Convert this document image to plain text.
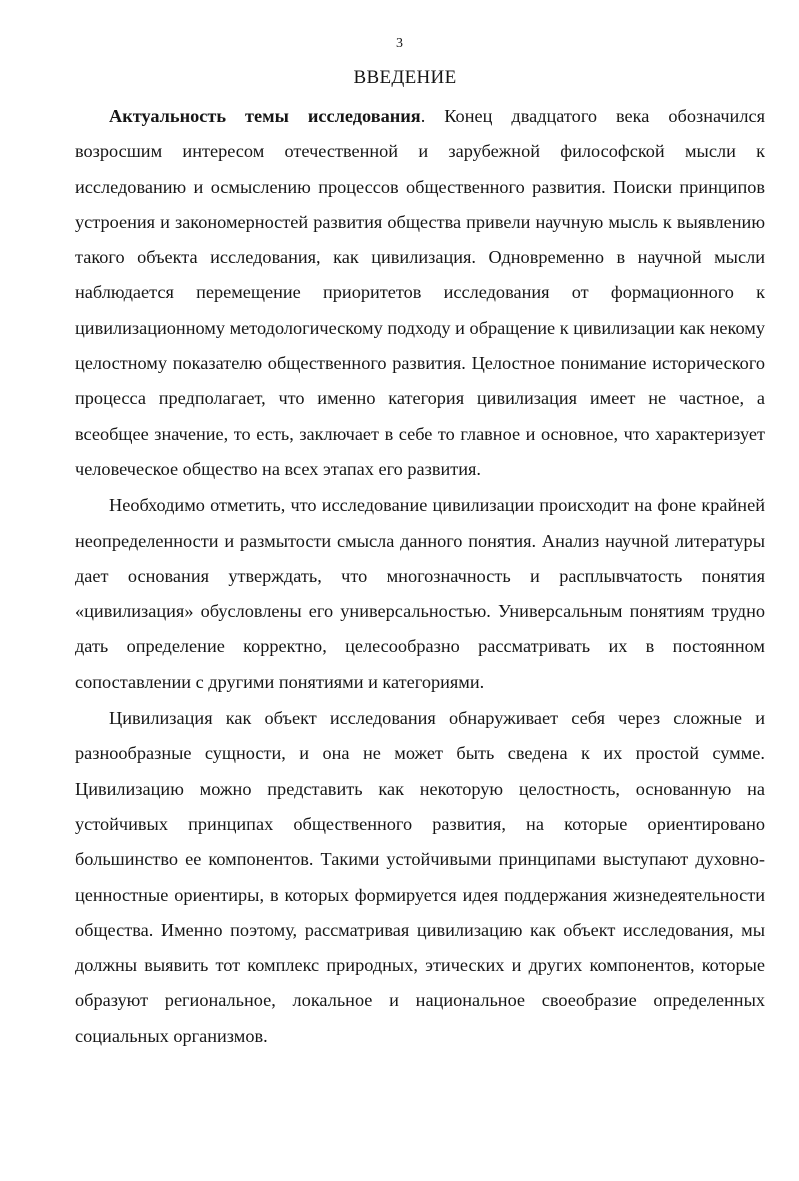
3
ВВЕДЕНИЕ

Актуальность темы исследования. Конец двадцатого века обозначился возросшим интересом отечественной и зарубежной философской мысли к исследованию и осмыслению процессов общественного развития. Поиски принципов устроения и закономерностей развития общества привели научную мысль к выявлению такого объекта исследования, как цивилизация. Одновременно в научной мысли наблюдается перемещение приоритетов исследования от формационного к цивилизационному методологическому подходу и обращение к цивилизации как некому целостному показателю общественного развития. Целостное понимание исторического процесса предполагает, что именно категория цивилизация имеет не частное, а всеобщее значение, то есть, заключает в себе то главное и основное, что характеризует человеческое общество на всех этапах его развития.

Необходимо отметить, что исследование цивилизации происходит на фоне крайней неопределенности и размытости смысла данного понятия. Анализ научной литературы дает основания утверждать, что многозначность и расплывчатость понятия «цивилизация» обусловлены его универсальностью. Универсальным понятиям трудно дать определение корректно, целесообразно рассматривать их в постоянном сопоставлении с другими понятиями и категориями.

Цивилизация как объект исследования обнаруживает себя через сложные и разнообразные сущности, и она не может быть сведена к их простой сумме. Цивилизацию можно представить как некоторую целостность, основанную на устойчивых принципах общественного развития, на которые ориентировано большинство ее компонентов. Такими устойчивыми принципами выступают духовно-ценностные ориентиры, в которых формируется идея поддержания жизнедеятельности общества. Именно поэтому, рассматривая цивилизацию как объект исследования, мы должны выявить тот комплекс природных, этических и других компонентов, которые образуют региональное, локальное и национальное своеобразие определенных социальных организмов.
